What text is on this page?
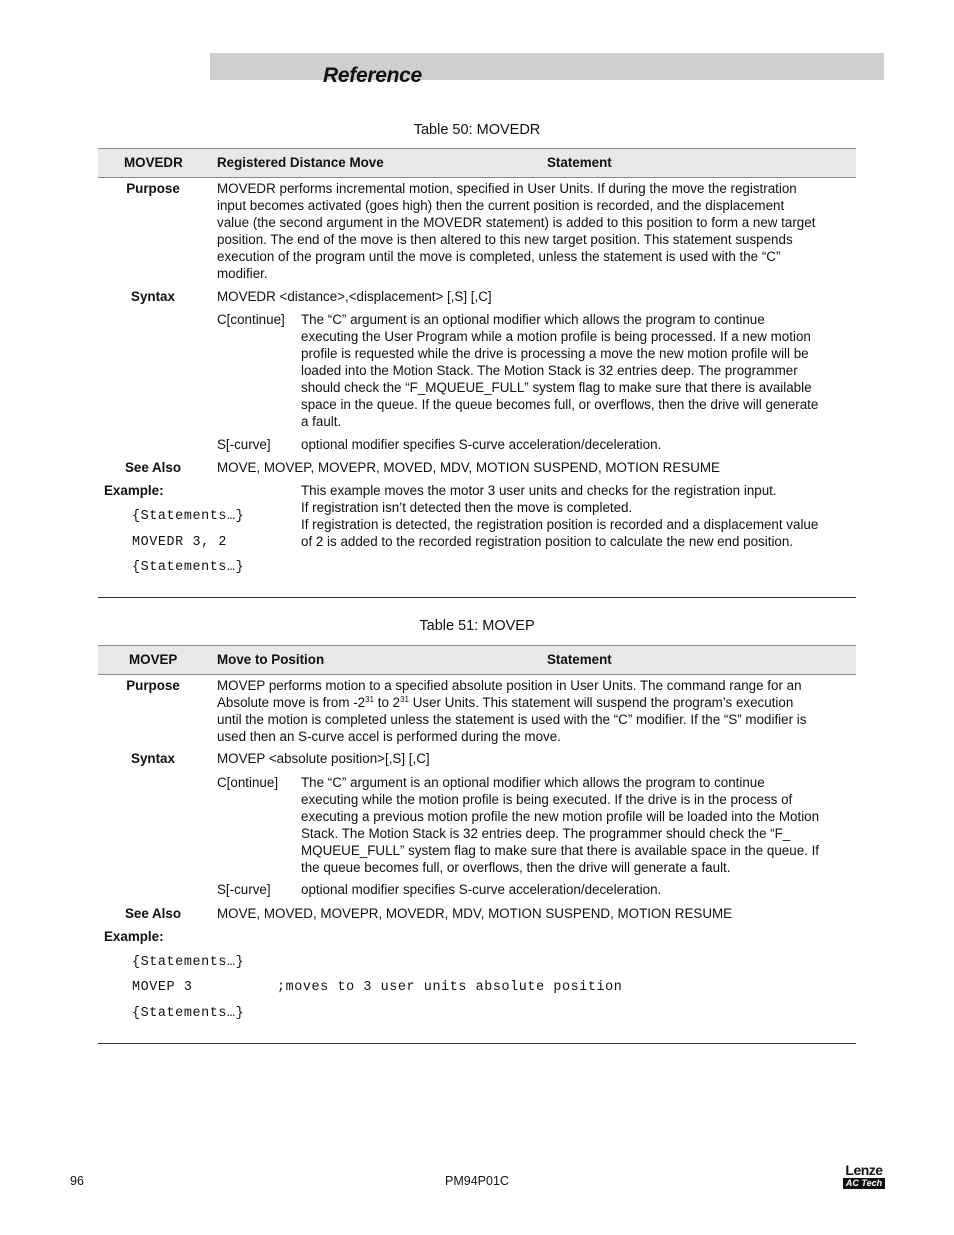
Reference
Table 50: MOVEDR
MOVEDR	Registered Distance Move	Statement
Purpose	MOVEDR performs incremental motion, specified in User Units. If during the move the registration
input becomes activated (goes high) then the current position is recorded, and the displacement
value (the second argument in the MOVEDR statement) is added to this position to form a new target
position. The end of the move is then altered to this new target position. This statement suspends
execution of the program until the move is completed, unless the statement is used with the “C”
modifier.
Syntax	MOVEDR <distance>,<displacement> [,S] [,C]
C[continue] The “C” argument is an optional modifier which allows the program to continue
executing the User Program while a motion profile is being processed. If a new motion
profile is requested while the drive is processing a move the new motion profile will be
loaded into the Motion Stack. The Motion Stack is 32 entries deep. The programmer
should check the “F_MQUEUE_FULL” system flag to make sure that there is available
space in the queue. If the queue becomes full, or overflows, then the drive will generate
a fault.
S[-curve] optional modifier specifies S-curve acceleration/deceleration.
See Also	MOVE, MOVEP, MOVEPR, MOVED, MDV, MOTION SUSPEND, MOTION RESUME
Example:	This example moves the motor 3 user units and checks for the registration input.
If registration isn’t detected then the move is completed.
If registration is detected, the registration position is recorded and a displacement value
of 2 is added to the recorded registration position to calculate the new end position.
{Statements…}
MOVEDR 3, 2
{Statements…}
Table 51: MOVEP
MOVEP	Move to Position	Statement
Purpose	MOVEP performs motion to a specified absolute position in User Units. The command range for an
Absolute move is from $-2^{31}$ to $2^{31}$ User Units. This statement will suspend the program’s execution
until the motion is completed unless the statement is used with the “C” modifier. If the “S” modifier is
used then an S-curve accel is performed during the move.
Syntax	MOVEP <absolute position>[,S] [,C]
C[ontinue] The “C” argument is an optional modifier which allows the program to continue
executing while the motion profile is being executed. If the drive is in the process of
executing a previous motion profile the new motion profile will be loaded into the Motion
Stack. The Motion Stack is 32 entries deep. The programmer should check the “F_
MQUEUE_FULL” system flag to make sure that there is available space in the queue. If
the queue becomes full, or overflows, then the drive will generate a fault.
S[-curve] optional modifier specifies S-curve acceleration/deceleration.
See Also	MOVE, MOVED, MOVEPR, MOVEDR, MDV, MOTION SUSPEND, MOTION RESUME
Example:
{Statements…}
MOVEP 3	;moves to 3 user units absolute position
{Statements…}
96	PM94P01C
Lenze
AC Tech
